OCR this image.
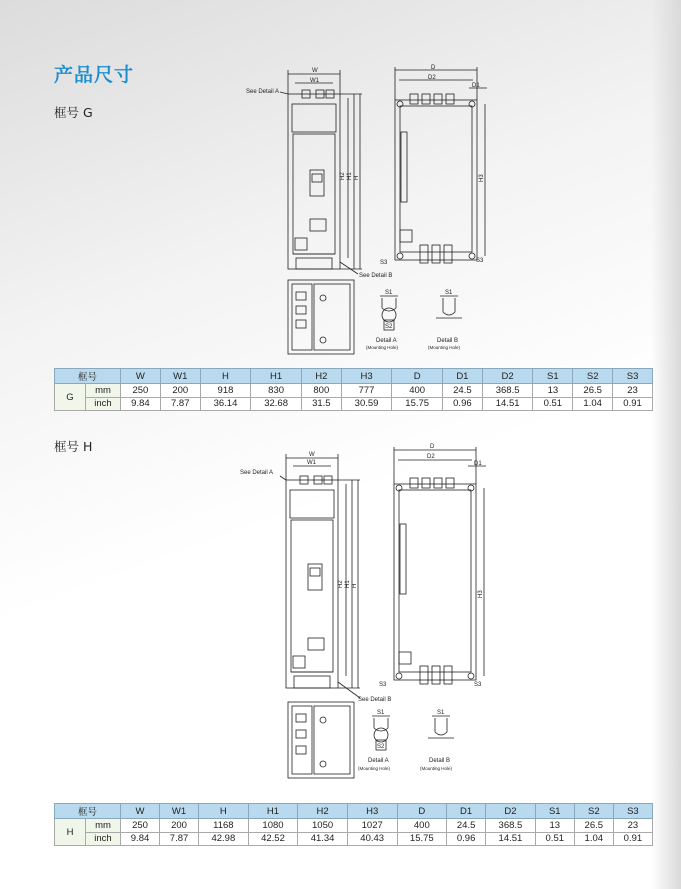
产品尺寸
框号 G
W
W1
See Detail A
H2 H1 H
See Detail B
D
D2
D1
H3
S3	S3
S1
S2
S1
Detail A	Detail B
(Mounting Hole)	(Mounting Hole)
框号		W	W1	H	H1	H2	H3	D	D1	D2	S1	S2	S3
G	mm	250	200	918	830	800	777	400	24.5	368.5	13	26.5	23
	inch	9.84	7.87	36.14	32.68	31.5	30.59	15.75	0.96	14.51	0.51	1.04	0.91
框号 H
W
W1
See Detail A
H2 H1 H
See Detail B
D
D2
D1
H3
S3	S3
S1
S2
S1
Detail A	Detail B
(Mounting Hole)	(Mounting Hole)
框号		W	W1	H	H1	H2	H3	D	D1	D2	S1	S2	S3
H	mm	250	200	1168	1080	1050	1027	400	24.5	368.5	13	26.5	23
	inch	9.84	7.87	42.98	42.52	41.34	40.43	15.75	0.96	14.51	0.51	1.04	0.91
